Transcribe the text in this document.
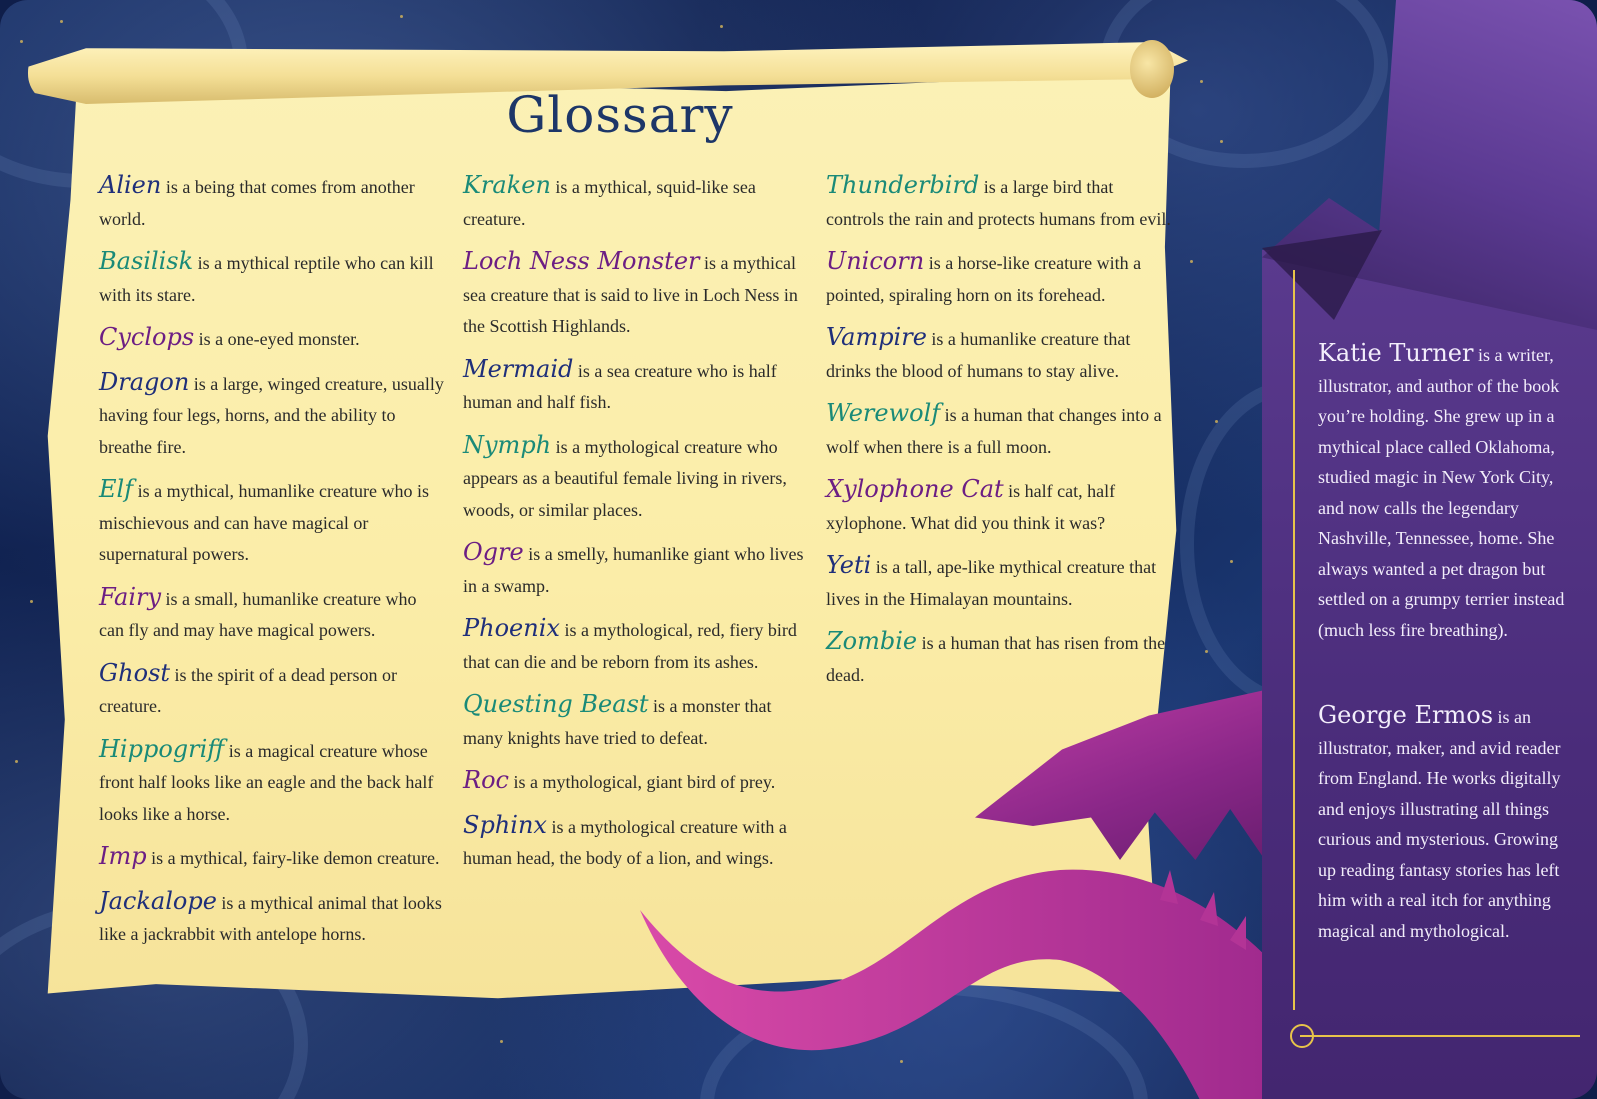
Glossary
Alien is a being that comes from another world.
Basilisk is a mythical reptile who can kill with its stare.
Cyclops is a one-eyed monster.
Dragon is a large, winged creature, usually having four legs, horns, and the ability to breathe fire.
Elf is a mythical, humanlike creature who is mischievous and can have magical or supernatural powers.
Fairy is a small, humanlike creature who can fly and may have magical powers.
Ghost is the spirit of a dead person or creature.
Hippogriff is a magical creature whose front half looks like an eagle and the back half looks like a horse.
Imp is a mythical, fairy-like demon creature.
Jackalope is a mythical animal that looks like a jackrabbit with antelope horns.
Kraken is a mythical, squid-like sea creature.
Loch Ness Monster is a mythical sea creature that is said to live in Loch Ness in the Scottish Highlands.
Mermaid is a sea creature who is half human and half fish.
Nymph is a mythological creature who appears as a beautiful female living in rivers, woods, or similar places.
Ogre is a smelly, humanlike giant who lives in a swamp.
Phoenix is a mythological, red, fiery bird that can die and be reborn from its ashes.
Questing Beast is a monster that many knights have tried to defeat.
Roc is a mythological, giant bird of prey.
Sphinx is a mythological creature with a human head, the body of a lion, and wings.
Thunderbird is a large bird that controls the rain and protects humans from evil.
Unicorn is a horse-like creature with a pointed, spiraling horn on its forehead.
Vampire is a humanlike creature that drinks the blood of humans to stay alive.
Werewolf is a human that changes into a wolf when there is a full moon.
Xylophone Cat is half cat, half xylophone. What did you think it was?
Yeti is a tall, ape-like mythical creature that lives in the Himalayan mountains.
Zombie is a human that has risen from the dead.
Katie Turner is a writer, illustrator, and author of the book you’re holding. She grew up in a mythical place called Oklahoma, studied magic in New York City, and now calls the legendary Nashville, Tennessee, home. She always wanted a pet dragon but settled on a grumpy terrier instead (much less fire breathing).
George Ermos is an illustrator, maker, and avid reader from England. He works digitally and enjoys illustrating all things curious and mysterious. Growing up reading fantasy stories has left him with a real itch for anything magical and mythological.
